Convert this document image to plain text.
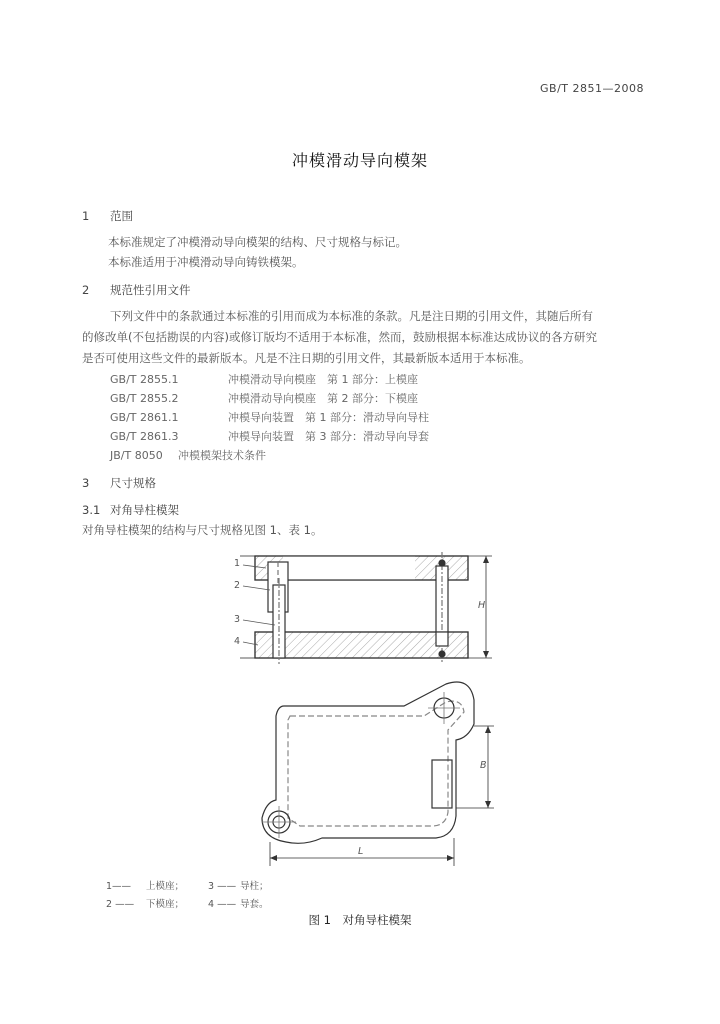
GB/T 2851—2008
冲模滑动导向模架
1 范围
本标准规定了冲模滑动导向模架的结构、尺寸规格与标记。
本标准适用于冲模滑动导向铸铁模架。
2 规范性引用文件
下列文件中的条款通过本标准的引用而成为本标准的条款。凡是注日期的引用文件，其随后所有
的修改单(不包括勘误的内容)或修订版均不适用于本标准，然而，鼓励根据本标准达成协议的各方研究
是否可使用这些文件的最新版本。凡是不注日期的引用文件，其最新版本适用于本标准。
GB/T 2855.1	冲模滑动导向模座　第 1 部分：上模座
GB/T 2855.2	冲模滑动导向模座　第 2 部分：下模座
GB/T 2861.1	冲模导向装置　第 1 部分：滑动导向导柱
GB/T 2861.3	冲模导向装置　第 3 部分：滑动导向导套
JB/T 8050 冲模模架技术条件
3 尺寸规格
3.1 对角导柱模架
对角导柱模架的结构与尺寸规格见图 1、表 1。
1
2
3
4
H
B
L
1—— 上模座；	3 —— 导柱；
2 —— 下模座；	4 —— 导套。
图 1　对角导柱模架
